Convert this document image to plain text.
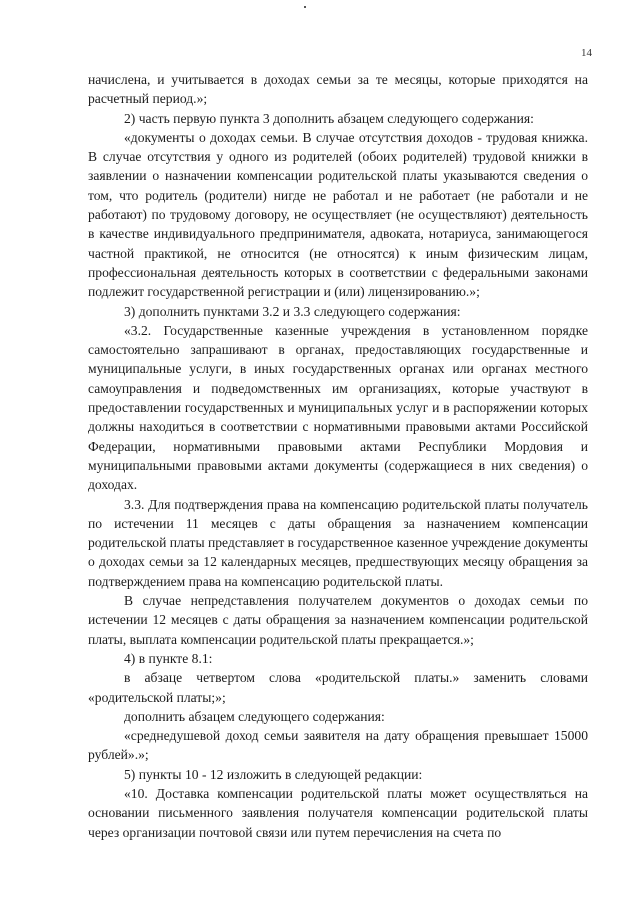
14

начислена, и учитывается в доходах семьи за те месяцы, которые приходятся на расчетный период.»;

2) часть первую пункта 3 дополнить абзацем следующего содержания:

«документы о доходах семьи. В случае отсутствия доходов - трудовая книжка. В случае отсутствия у одного из родителей (обоих родителей) трудовой книжки в заявлении о назначении компенсации родительской платы указываются сведения о том, что родитель (родители) нигде не работал и не работает (не работали и не работают) по трудовому договору, не осуществляет (не осуществляют) деятельность в качестве индивидуального предпринимателя, адвоката, нотариуса, занимающегося частной практикой, не относится (не относятся) к иным физическим лицам, профессиональная деятельность которых в соответствии с федеральными законами подлежит государственной регистрации и (или) лицензированию.»;

3) дополнить пунктами 3.2 и 3.3 следующего содержания:

«3.2. Государственные казенные учреждения в установленном порядке самостоятельно запрашивают в органах, предоставляющих государственные и муниципальные услуги, в иных государственных органах или органах местного самоуправления и подведомственных им организациях, которые участвуют в предоставлении государственных и муниципальных услуг и в распоряжении которых должны находиться в соответствии с нормативными правовыми актами Российской Федерации, нормативными правовыми актами Республики Мордовия и муниципальными правовыми актами документы (содержащиеся в них сведения) о доходах.

3.3. Для подтверждения права на компенсацию родительской платы получатель по истечении 11 месяцев с даты обращения за назначением компенсации родительской платы представляет в государственное казенное учреждение документы о доходах семьи за 12 календарных месяцев, предшествующих месяцу обращения за подтверждением права на компенсацию родительской платы.

В случае непредставления получателем документов о доходах семьи по истечении 12 месяцев с даты обращения за назначением компенсации родительской платы, выплата компенсации родительской платы прекращается.»;

4) в пункте 8.1:

в абзаце четвертом слова «родительской платы.» заменить словами «родительской платы;»;

дополнить абзацем следующего содержания:

«среднедушевой доход семьи заявителя на дату обращения превышает 15000 рублей».»;

5) пункты 10 - 12 изложить в следующей редакции:

«10. Доставка компенсации родительской платы может осуществляться на основании письменного заявления получателя компенсации родительской платы через организации почтовой связи или путем перечисления на счета по
